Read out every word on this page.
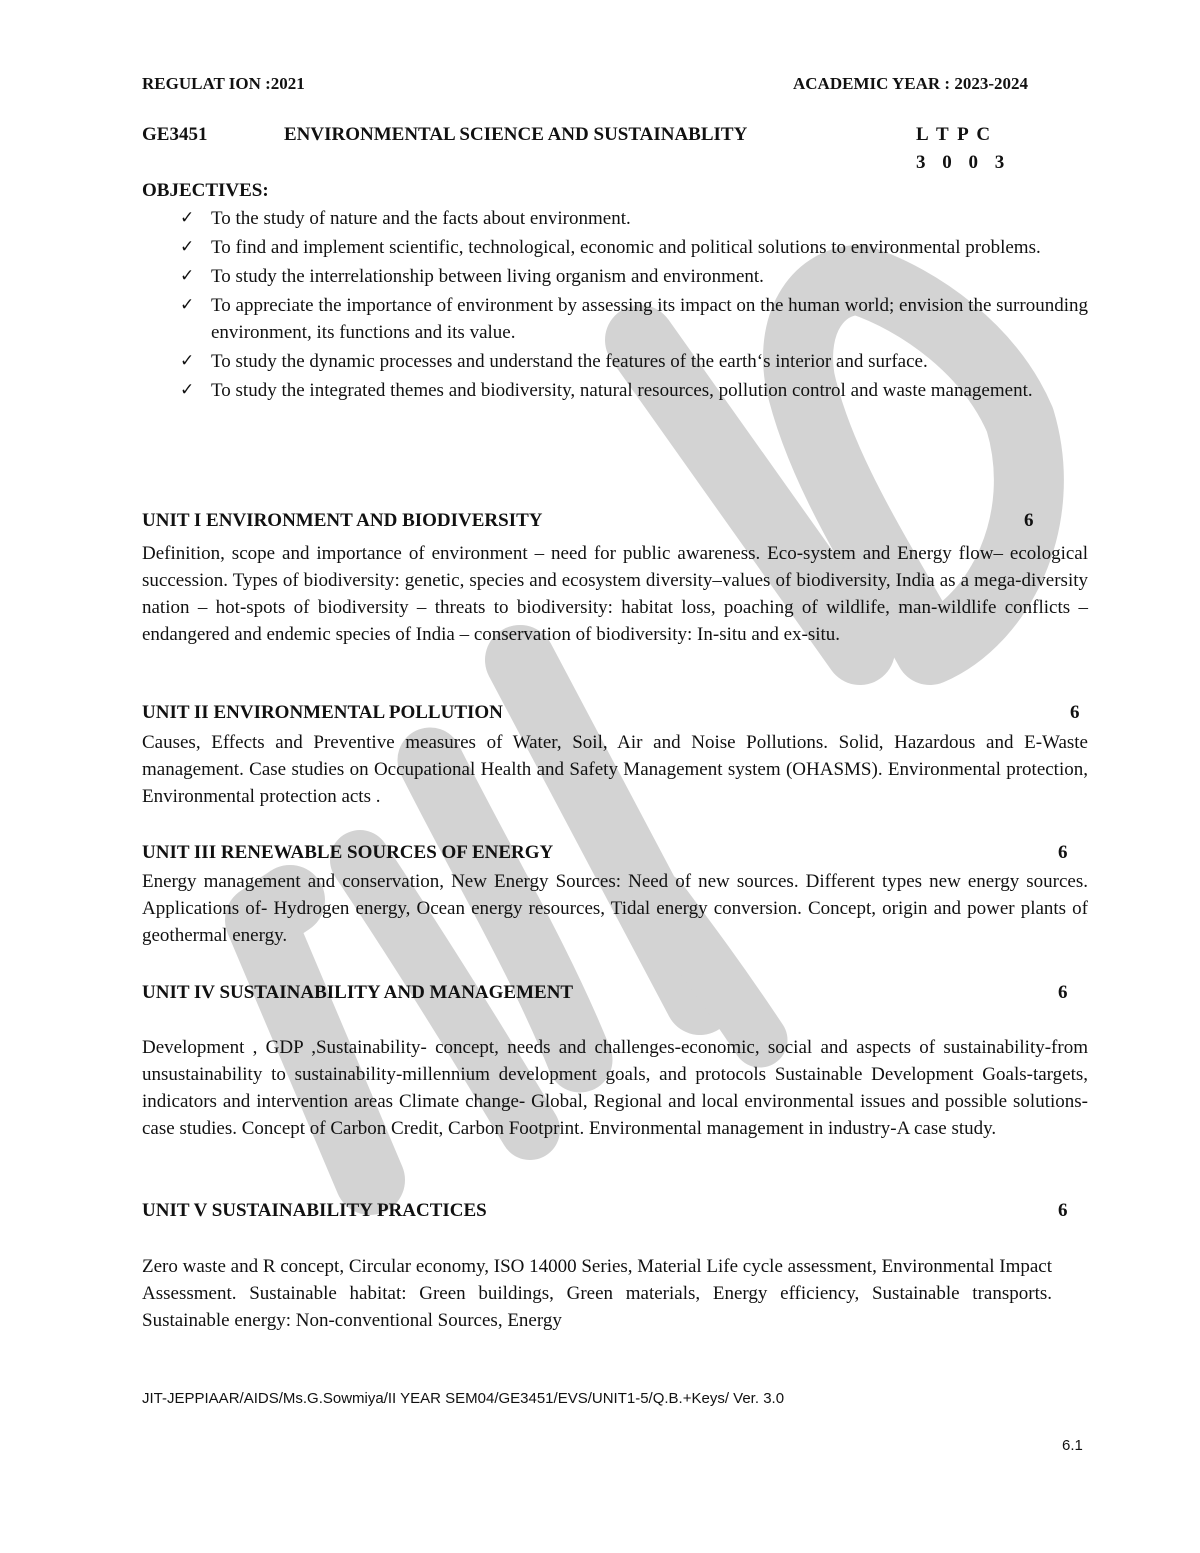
REGULAT ION :2021	ACADEMIC YEAR : 2023-2024
GE3451	ENVIRONMENTAL SCIENCE AND SUSTAINABLITY	L T P C
3 0 0 3
OBJECTIVES:
✓ To the study of nature and the facts about environment.
✓ To find and implement scientific, technological, economic and political solutions to environmental problems.
✓ To study the interrelationship between living organism and environment.
✓ To appreciate the importance of environment by assessing its impact on the human world; envision the surrounding environment, its functions and its value.
✓ To study the dynamic processes and understand the features of the earth‘s interior and surface.
✓ To study the integrated themes and biodiversity, natural resources, pollution control and waste management.
UNIT I ENVIRONMENT AND BIODIVERSITY	6
Definition, scope and importance of environment – need for public awareness. Eco-system and Energy flow– ecological succession. Types of biodiversity: genetic, species and ecosystem diversity–values of biodiversity, India as a mega-diversity nation – hot-spots of biodiversity – threats to biodiversity: habitat loss, poaching of wildlife, man-wildlife conflicts – endangered and endemic species of India – conservation of biodiversity: In-situ and ex-situ.
UNIT II ENVIRONMENTAL POLLUTION	6
Causes, Effects and Preventive measures of Water, Soil, Air and Noise Pollutions. Solid, Hazardous and E-Waste management. Case studies on Occupational Health and Safety Management system (OHASMS). Environmental protection, Environmental protection acts .
UNIT III RENEWABLE SOURCES OF ENERGY	6
Energy management and conservation, New Energy Sources: Need of new sources. Different types new energy sources. Applications of- Hydrogen energy, Ocean energy resources, Tidal energy conversion. Concept, origin and power plants of geothermal energy.
UNIT IV SUSTAINABILITY AND MANAGEMENT	6
Development , GDP ,Sustainability- concept, needs and challenges-economic, social and aspects of sustainability-from unsustainability to sustainability-millennium development goals, and protocols Sustainable Development Goals-targets, indicators and intervention areas Climate change- Global, Regional and local environmental issues and possible solutions-case studies. Concept of Carbon Credit, Carbon Footprint. Environmental management in industry-A case study.
UNIT V SUSTAINABILITY PRACTICES	6
Zero waste and R concept, Circular economy, ISO 14000 Series, Material Life cycle assessment, Environmental Impact Assessment. Sustainable habitat: Green buildings, Green materials, Energy efficiency, Sustainable transports. Sustainable energy: Non-conventional Sources, Energy
JIT-JEPPIAAR/AIDS/Ms.G.Sowmiya/II YEAR SEM04/GE3451/EVS/UNIT1-5/Q.B.+Keys/ Ver. 3.0
6.1
